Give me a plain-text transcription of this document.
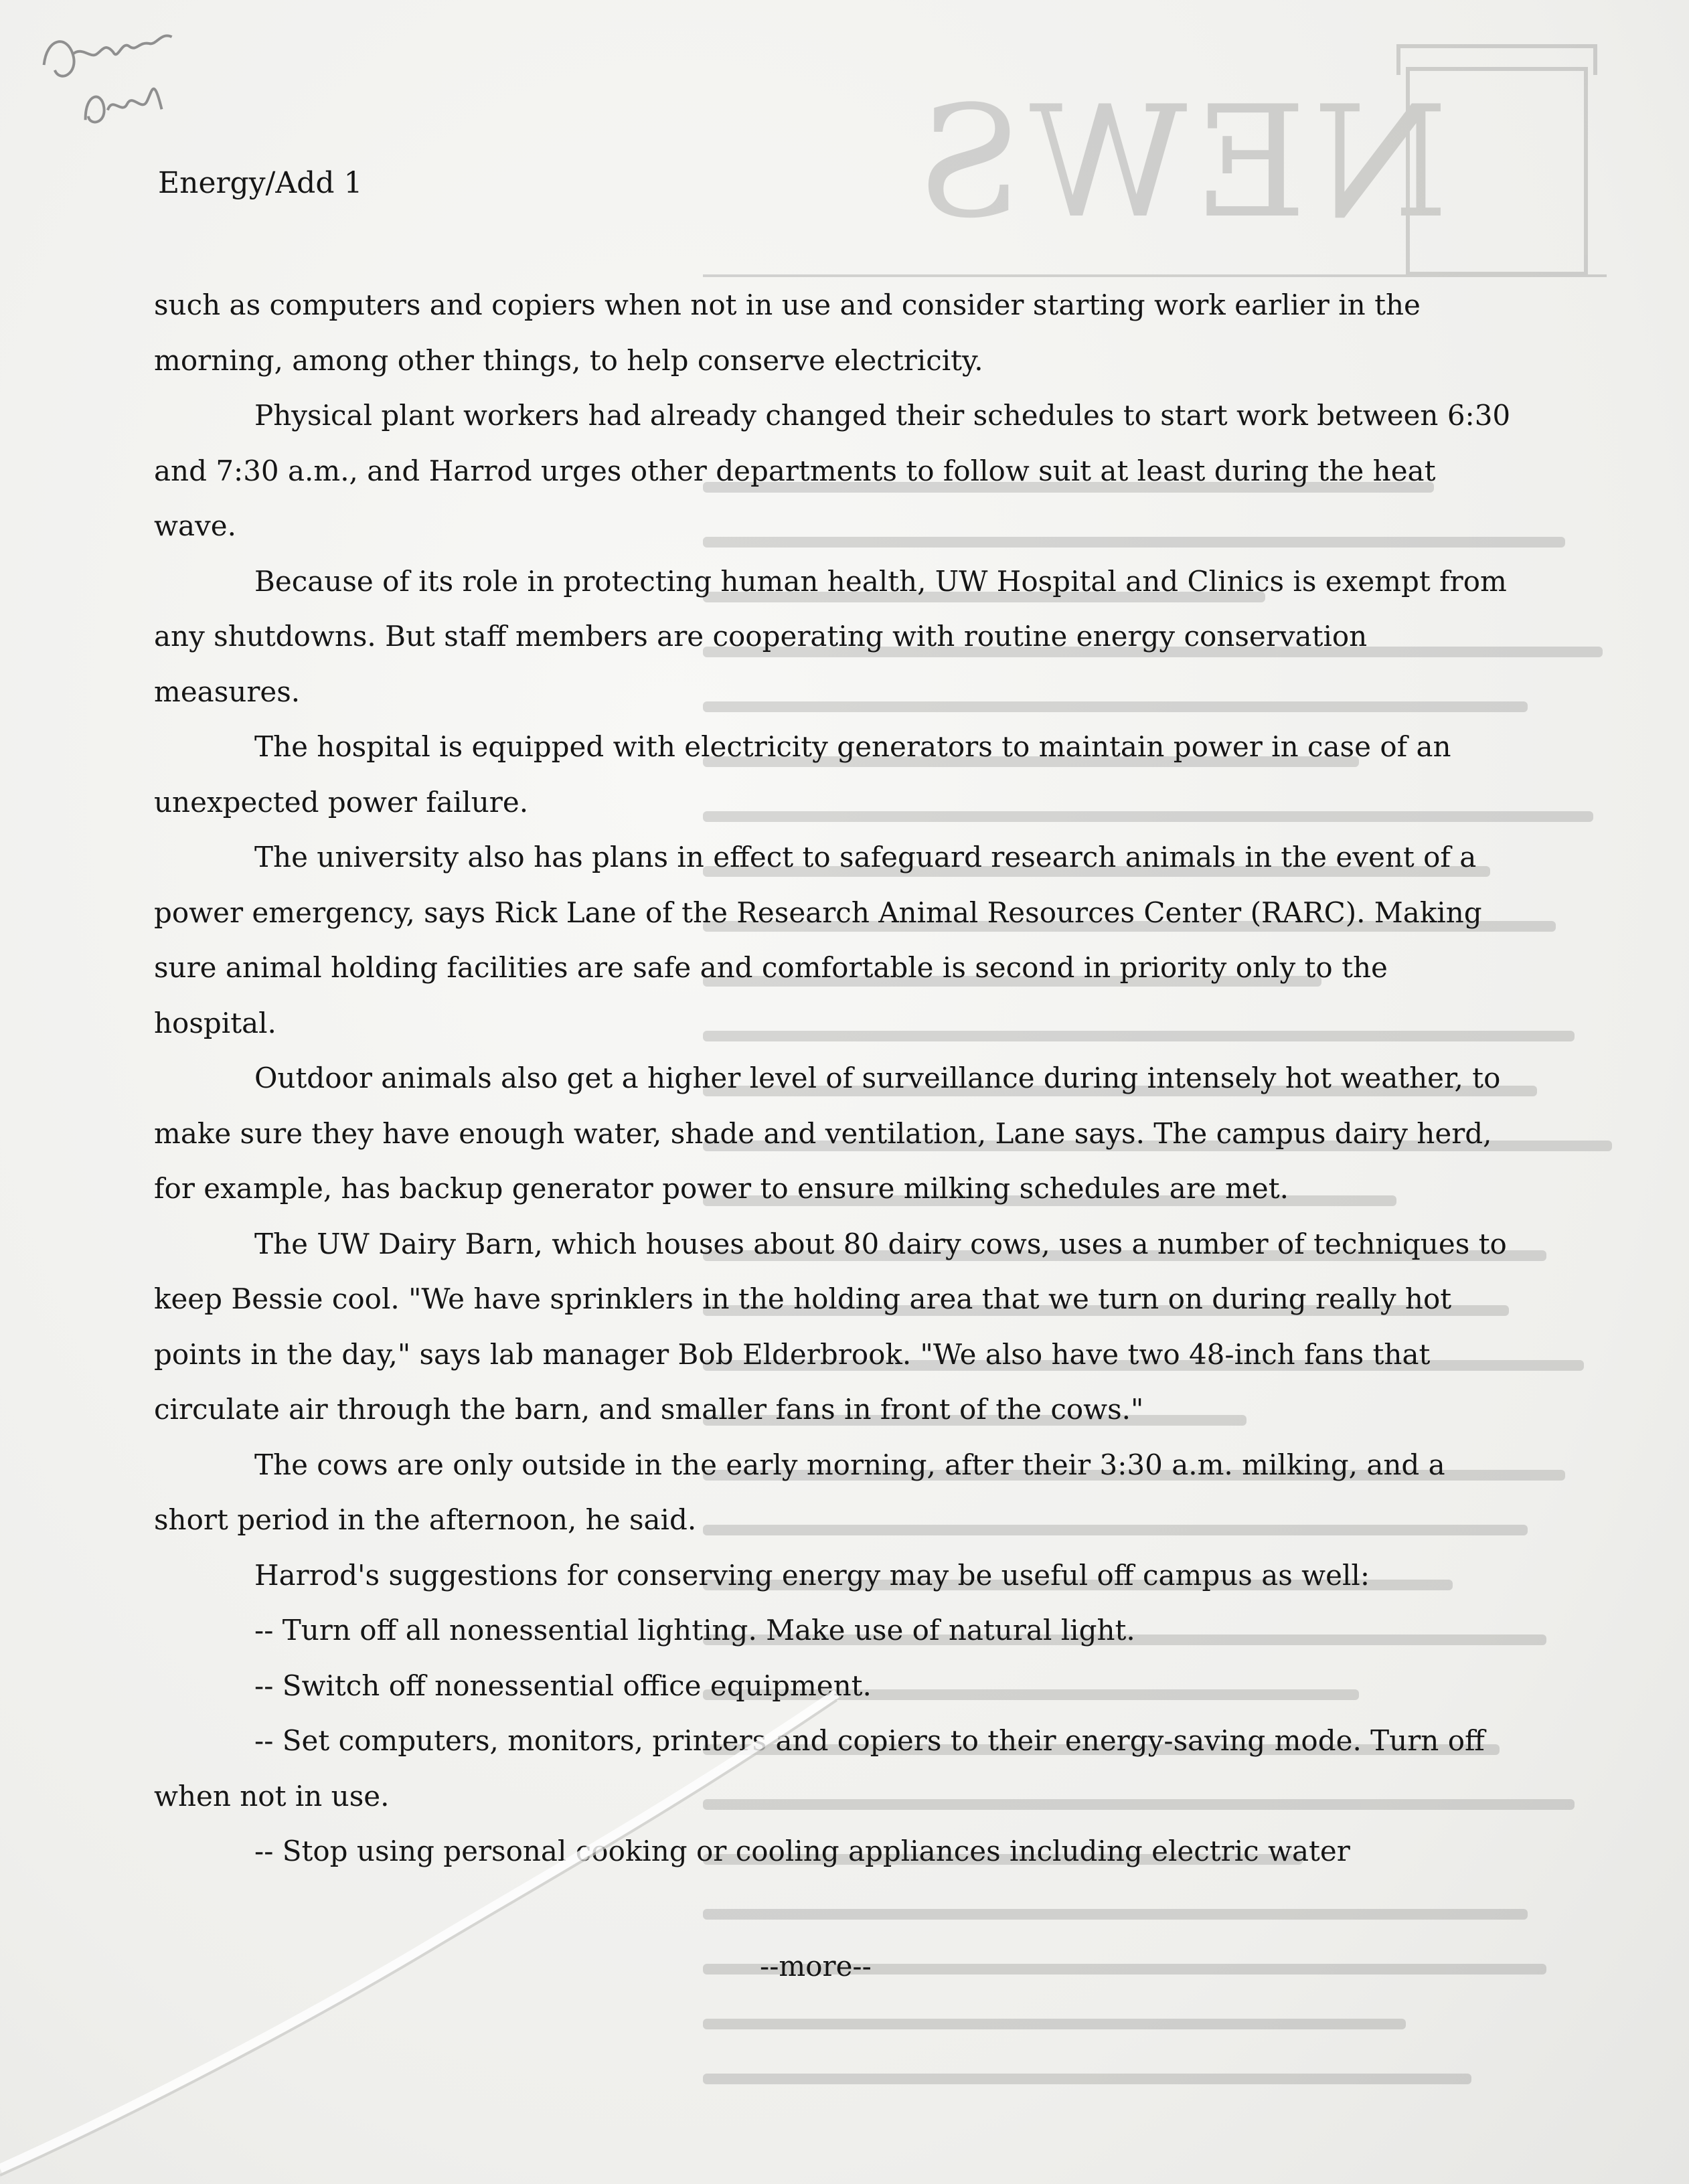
NEWS
Energy/Add 1

such as computers and copiers when not in use and consider starting work earlier in the morning, among other things, to help conserve electricity.

Physical plant workers had already changed their schedules to start work between 6:30 and 7:30 a.m., and Harrod urges other departments to follow suit at least during the heat wave.

Because of its role in protecting human health, UW Hospital and Clinics is exempt from any shutdowns. But staff members are cooperating with routine energy conservation measures.

The hospital is equipped with electricity generators to maintain power in case of an unexpected power failure.

The university also has plans in effect to safeguard research animals in the event of a power emergency, says Rick Lane of the Research Animal Resources Center (RARC). Making sure animal holding facilities are safe and comfortable is second in priority only to the hospital.

Outdoor animals also get a higher level of surveillance during intensely hot weather, to make sure they have enough water, shade and ventilation, Lane says. The campus dairy herd, for example, has backup generator power to ensure milking schedules are met.

The UW Dairy Barn, which houses about 80 dairy cows, uses a number of techniques to keep Bessie cool. "We have sprinklers in the holding area that we turn on during really hot points in the day," says lab manager Bob Elderbrook. "We also have two 48-inch fans that circulate air through the barn, and smaller fans in front of the cows."

The cows are only outside in the early morning, after their 3:30 a.m. milking, and a short period in the afternoon, he said.

Harrod's suggestions for conserving energy may be useful off campus as well:

-- Turn off all nonessential lighting. Make use of natural light.

-- Switch off nonessential office equipment.

-- Set computers, monitors, printers and copiers to their energy-saving mode. Turn off when not in use.

-- Stop using personal cooking or cooling appliances including electric water

--more--
